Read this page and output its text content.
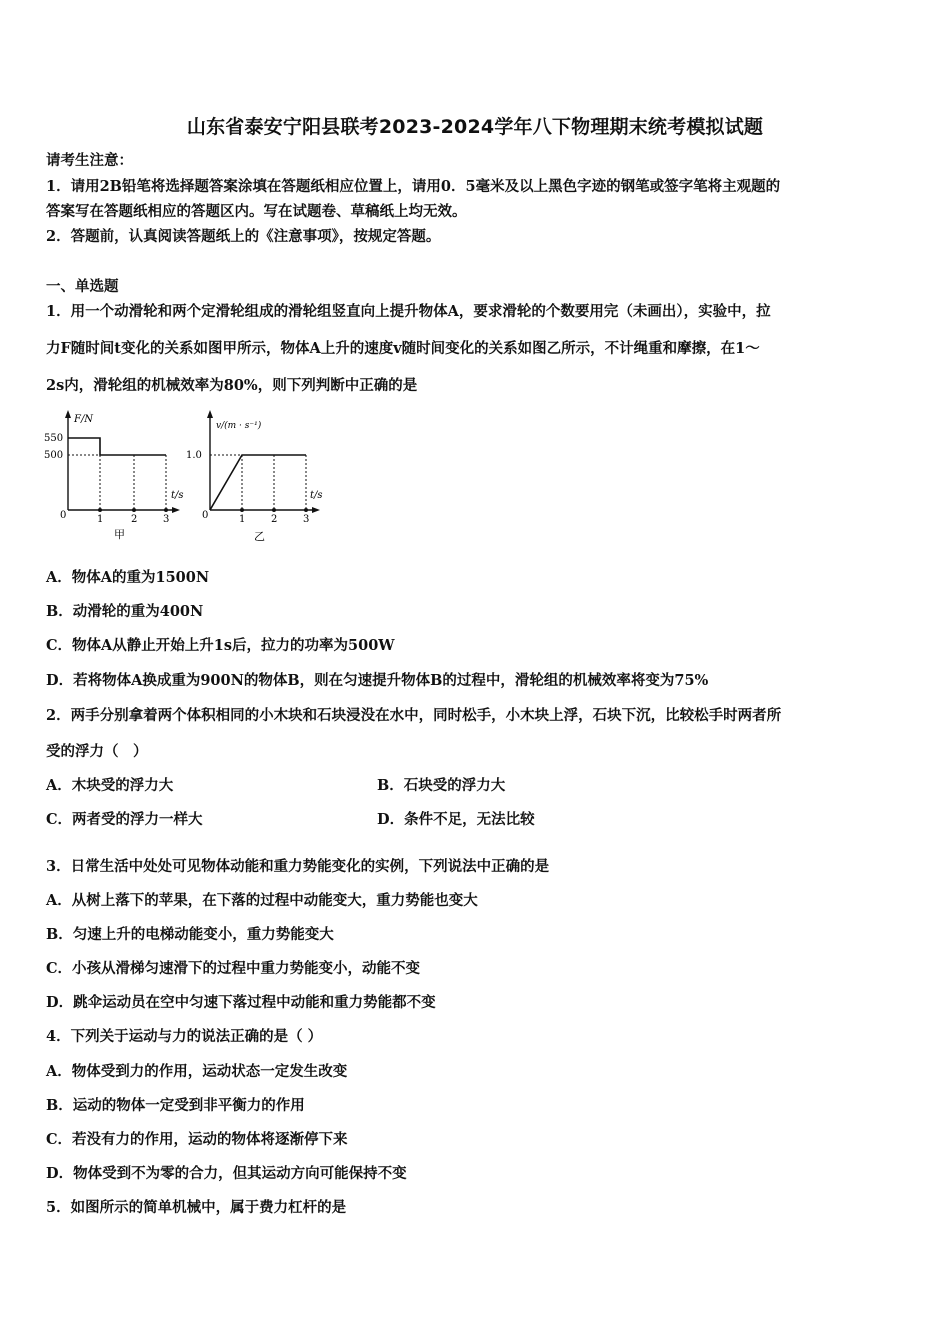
山东省泰安宁阳县联考2023-2024学年八下物理期末统考模拟试题
请考生注意：
1．请用2B铅笔将选择题答案涂填在答题纸相应位置上，请用0．5毫米及以上黑色字迹的钢笔或签字笔将主观题的
答案写在答题纸相应的答题区内。写在试题卷、草稿纸上均无效。
2．答题前，认真阅读答题纸上的《注意事项》，按规定答题。
一、单选题
1．用一个动滑轮和两个定滑轮组成的滑轮组竖直向上提升物体A，要求滑轮的个数要用完（未画出），实验中，拉
力F随时间t变化的关系如图甲所示，物体A上升的速度v随时间变化的关系如图乙所示，不计绳重和摩擦，在1～
2s内，滑轮组的机械效率为80%，则下列判断中正确的是
F/N
550
500
t/s
0	1	2	3
甲
v/(m · s⁻¹)
1.0
t/s
0	1	2	3
乙
A．物体A的重为1500N
B．动滑轮的重为400N
C．物体A从静止开始上升1s后，拉力的功率为500W
D．若将物体A换成重为900N的物体B，则在匀速提升物体B的过程中，滑轮组的机械效率将变为75%
2．两手分别拿着两个体积相同的小木块和石块浸没在水中，同时松手，小木块上浮，石块下沉，比较松手时两者所
受的浮力（　）
A．木块受的浮力大	B．石块受的浮力大
C．两者受的浮力一样大	D．条件不足，无法比较
3．日常生活中处处可见物体动能和重力势能变化的实例，下列说法中正确的是
A．从树上落下的苹果，在下落的过程中动能变大，重力势能也变大
B．匀速上升的电梯动能变小，重力势能变大
C．小孩从滑梯匀速滑下的过程中重力势能变小，动能不变
D．跳伞运动员在空中匀速下落过程中动能和重力势能都不变
4．下列关于运动与力的说法正确的是（ ）
A．物体受到力的作用，运动状态一定发生改变
B．运动的物体一定受到非平衡力的作用
C．若没有力的作用，运动的物体将逐渐停下来
D．物体受到不为零的合力，但其运动方向可能保持不变
5．如图所示的简单机械中，属于费力杠杆的是
